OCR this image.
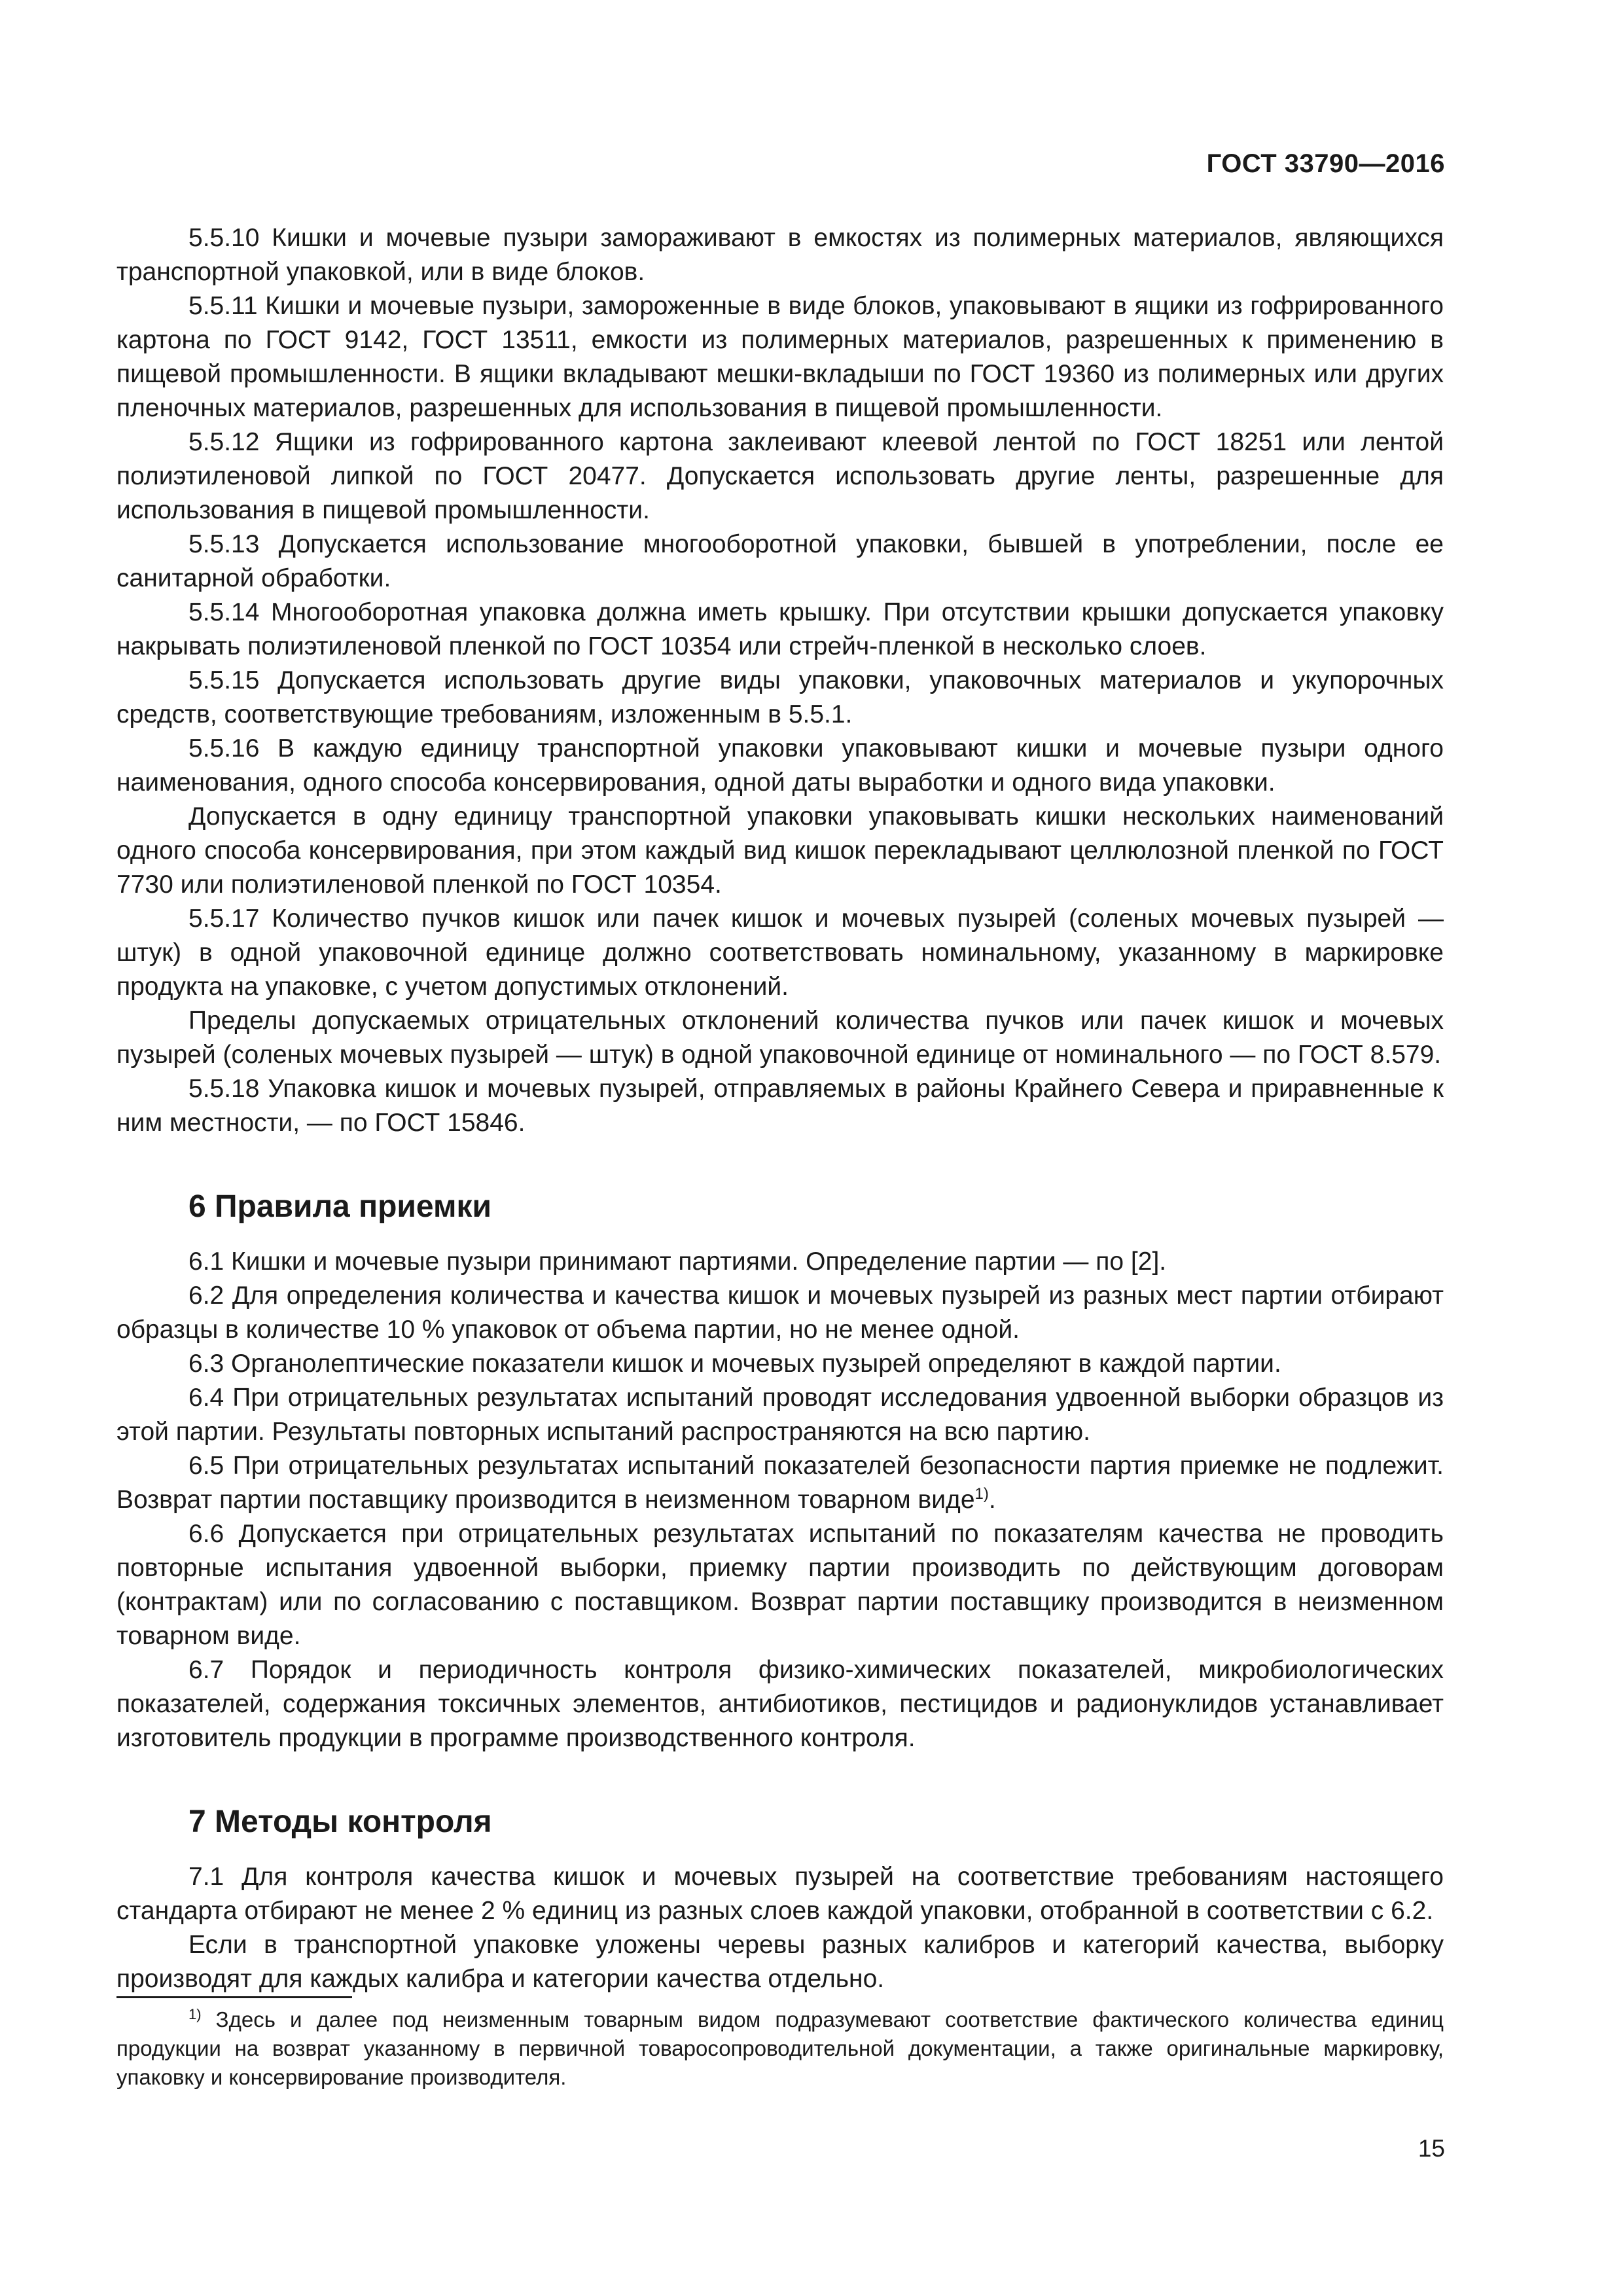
ГОСТ 33790—2016

5.5.10 Кишки и мочевые пузыри замораживают в емкостях из полимерных материалов, являющихся транспортной упаковкой, или в виде блоков.

5.5.11 Кишки и мочевые пузыри, замороженные в виде блоков, упаковывают в ящики из гофрированного картона по ГОСТ 9142, ГОСТ 13511, емкости из полимерных материалов, разрешенных к применению в пищевой промышленности. В ящики вкладывают мешки-вкладыши по ГОСТ 19360 из полимерных или других пленочных материалов, разрешенных для использования в пищевой промышленности.

5.5.12 Ящики из гофрированного картона заклеивают клеевой лентой по ГОСТ 18251 или лентой полиэтиленовой липкой по ГОСТ 20477. Допускается использовать другие ленты, разрешенные для использования в пищевой промышленности.

5.5.13 Допускается использование многооборотной упаковки, бывшей в употреблении, после ее санитарной обработки.

5.5.14 Многооборотная упаковка должна иметь крышку. При отсутствии крышки допускается упаковку накрывать полиэтиленовой пленкой по ГОСТ 10354 или стрейч-пленкой в несколько слоев.

5.5.15 Допускается использовать другие виды упаковки, упаковочных материалов и укупорочных средств, соответствующие требованиям, изложенным в 5.5.1.

5.5.16 В каждую единицу транспортной упаковки упаковывают кишки и мочевые пузыри одного наименования, одного способа консервирования, одной даты выработки и одного вида упаковки.

Допускается в одну единицу транспортной упаковки упаковывать кишки нескольких наименований одного способа консервирования, при этом каждый вид кишок перекладывают целлюлозной пленкой по ГОСТ 7730 или полиэтиленовой пленкой по ГОСТ 10354.

5.5.17 Количество пучков кишок или пачек кишок и мочевых пузырей (соленых мочевых пузырей — штук) в одной упаковочной единице должно соответствовать номинальному, указанному в маркировке продукта на упаковке, с учетом допустимых отклонений.

Пределы допускаемых отрицательных отклонений количества пучков или пачек кишок и мочевых пузырей (соленых мочевых пузырей — штук) в одной упаковочной единице от номинального — по ГОСТ 8.579.

5.5.18 Упаковка кишок и мочевых пузырей, отправляемых в районы Крайнего Севера и приравненные к ним местности, — по ГОСТ 15846.

6 Правила приемки

6.1 Кишки и мочевые пузыри принимают партиями. Определение партии — по [2].

6.2 Для определения количества и качества кишок и мочевых пузырей из разных мест партии отбирают образцы в количестве 10 % упаковок от объема партии, но не менее одной.

6.3 Органолептические показатели кишок и мочевых пузырей определяют в каждой партии.

6.4 При отрицательных результатах испытаний проводят исследования удвоенной выборки образцов из этой партии. Результаты повторных испытаний распространяются на всю партию.

6.5 При отрицательных результатах испытаний показателей безопасности партия приемке не подлежит. Возврат партии поставщику производится в неизменном товарном виде$^{1)}$.

6.6 Допускается при отрицательных результатах испытаний по показателям качества не проводить повторные испытания удвоенной выборки, приемку партии производить по действующим договорам (контрактам) или по согласованию с поставщиком. Возврат партии поставщику производится в неизменном товарном виде.

6.7 Порядок и периодичность контроля физико-химических показателей, микробиологических показателей, содержания токсичных элементов, антибиотиков, пестицидов и радионуклидов устанавливает изготовитель продукции в программе производственного контроля.

7 Методы контроля

7.1 Для контроля качества кишок и мочевых пузырей на соответствие требованиям настоящего стандарта отбирают не менее 2 % единиц из разных слоев каждой упаковки, отобранной в соответствии с 6.2.

Если в транспортной упаковке уложены черевы разных калибров и категорий качества, выборку производят для каждых калибра и категории качества отдельно.

$^{1)}$ Здесь и далее под неизменным товарным видом подразумевают соответствие фактического количества единиц продукции на возврат указанному в первичной товаросопроводительной документации, а также оригинальные маркировку, упаковку и консервирование производителя.
15
